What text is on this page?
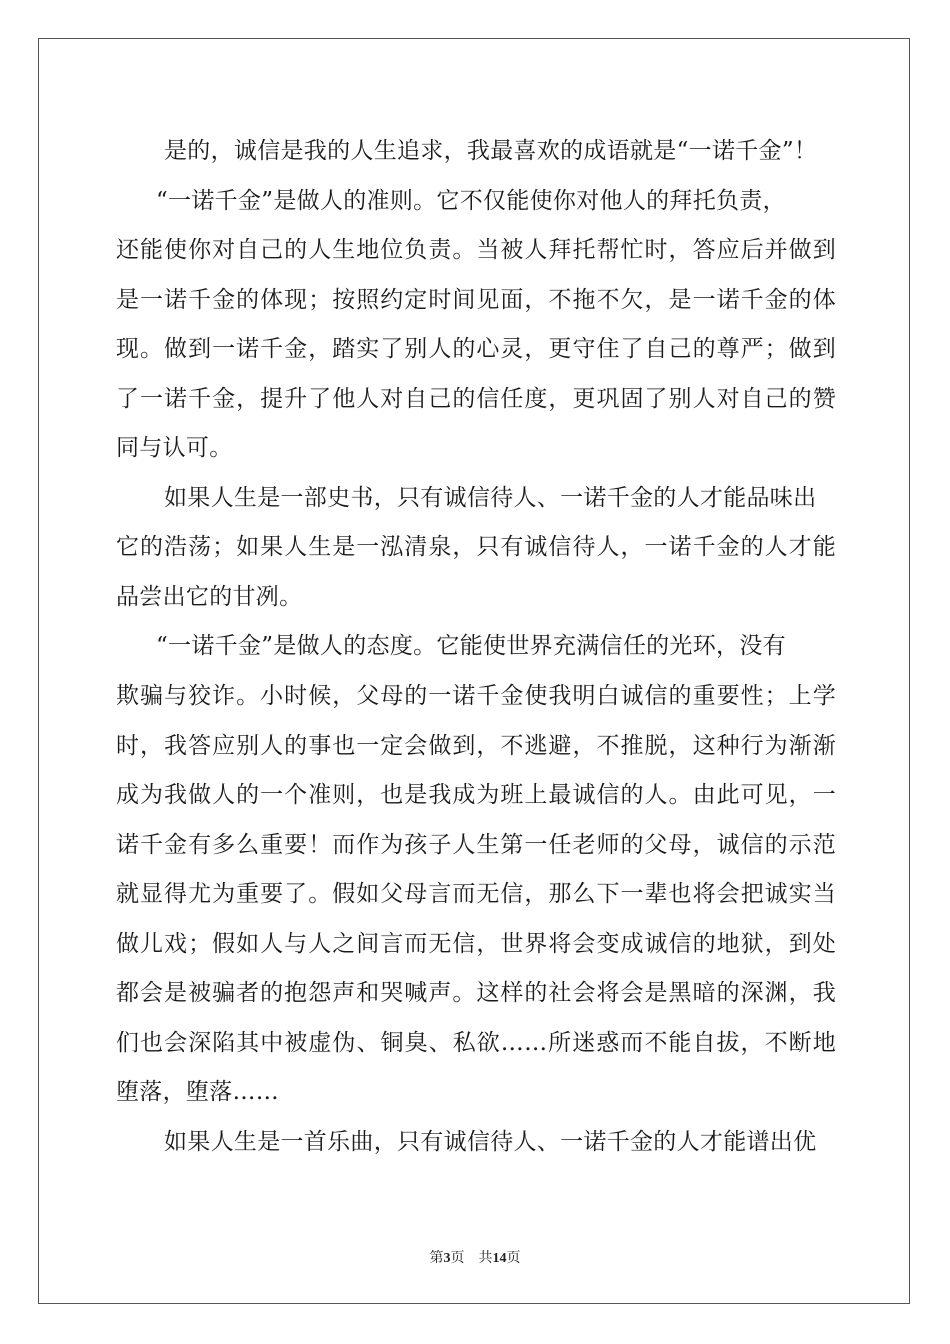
是的，诚信是我的人生追求，我最喜欢的成语就是“一诺千金”！
“一诺千金”是做人的准则。它不仅能使你对他人的拜托负责，
还能使你对自己的人生地位负责。当被人拜托帮忙时，答应后并做到
是一诺千金的体现；按照约定时间见面，不拖不欠，是一诺千金的体
现。做到一诺千金，踏实了别人的心灵，更守住了自己的尊严；做到
了一诺千金，提升了他人对自己的信任度，更巩固了别人对自己的赞
同与认可。
如果人生是一部史书，只有诚信待人、一诺千金的人才能品味出
它的浩荡；如果人生是一泓清泉，只有诚信待人，一诺千金的人才能
品尝出它的甘冽。
“一诺千金”是做人的态度。它能使世界充满信任的光环，没有
欺骗与狡诈。小时候，父母的一诺千金使我明白诚信的重要性；上学
时，我答应别人的事也一定会做到，不逃避，不推脱，这种行为渐渐
成为我做人的一个准则，也是我成为班上最诚信的人。由此可见，一
诺千金有多么重要！而作为孩子人生第一任老师的父母，诚信的示范
就显得尤为重要了。假如父母言而无信，那么下一辈也将会把诚实当
做儿戏；假如人与人之间言而无信，世界将会变成诚信的地狱，到处
都会是被骗者的抱怨声和哭喊声。这样的社会将会是黑暗的深渊，我
们也会深陷其中被虚伪、铜臭、私欲……所迷惑而不能自拔，不断地
堕落，堕落……
如果人生是一首乐曲，只有诚信待人、一诺千金的人才能谱出优
第3页 共14页
